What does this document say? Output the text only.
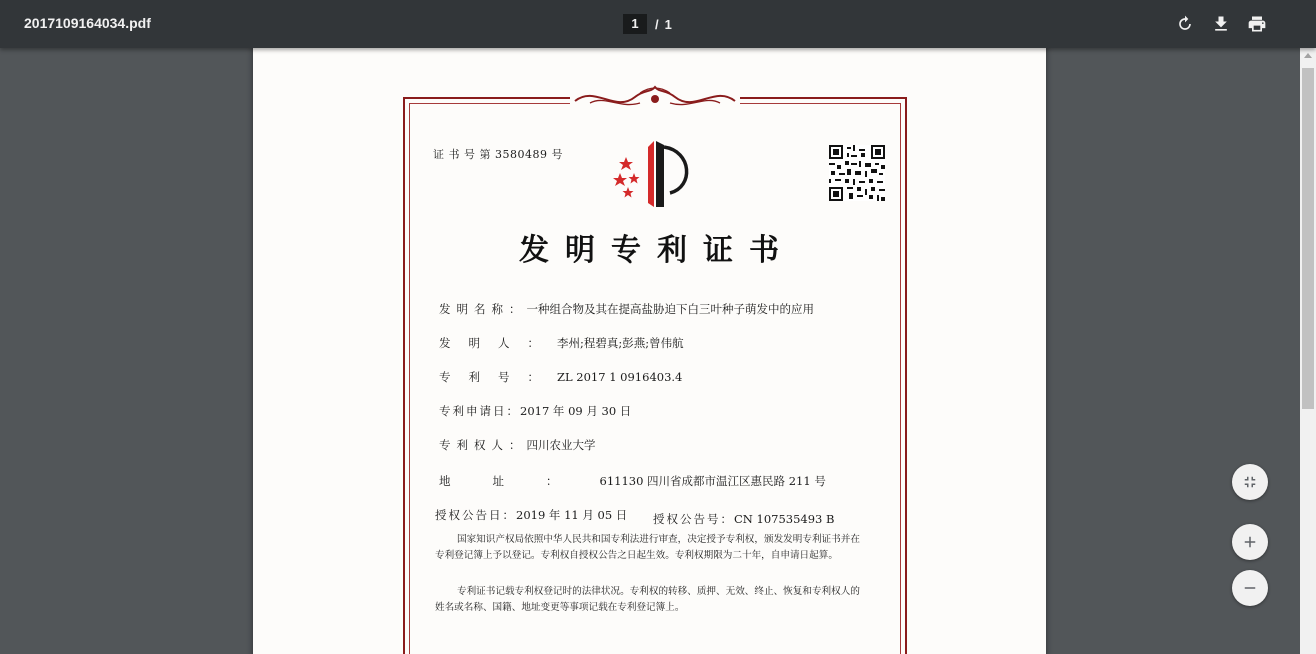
2017109164034.pdf	1	/ 1
证 书 号 第 3580489 号
发明专利证书
发明名称：一种组合物及其在提高盐胁迫下白三叶种子萌发中的应用
发明人：李州;程碧真;彭燕;曾伟航
专利号：ZL 2017 1 0916403.4
专利申请日：2017 年 09 月 30 日
专利权人：四川农业大学
地址：611130 四川省成都市温江区惠民路 211 号
授权公告日：2019 年 11 月 05 日 授权公告号：CN 107535493 B
国家知识产权局依照中华人民共和国专利法进行审查，决定授予专利权，颁发发明专利证书并在专利登记簿上予以登记。专利权自授权公告之日起生效。专利权期限为二十年，自申请日起算。
专利证书记载专利权登记时的法律状况。专利权的转移、质押、无效、终止、恢复和专利权人的姓名或名称、国籍、地址变更等事项记载在专利登记簿上。
